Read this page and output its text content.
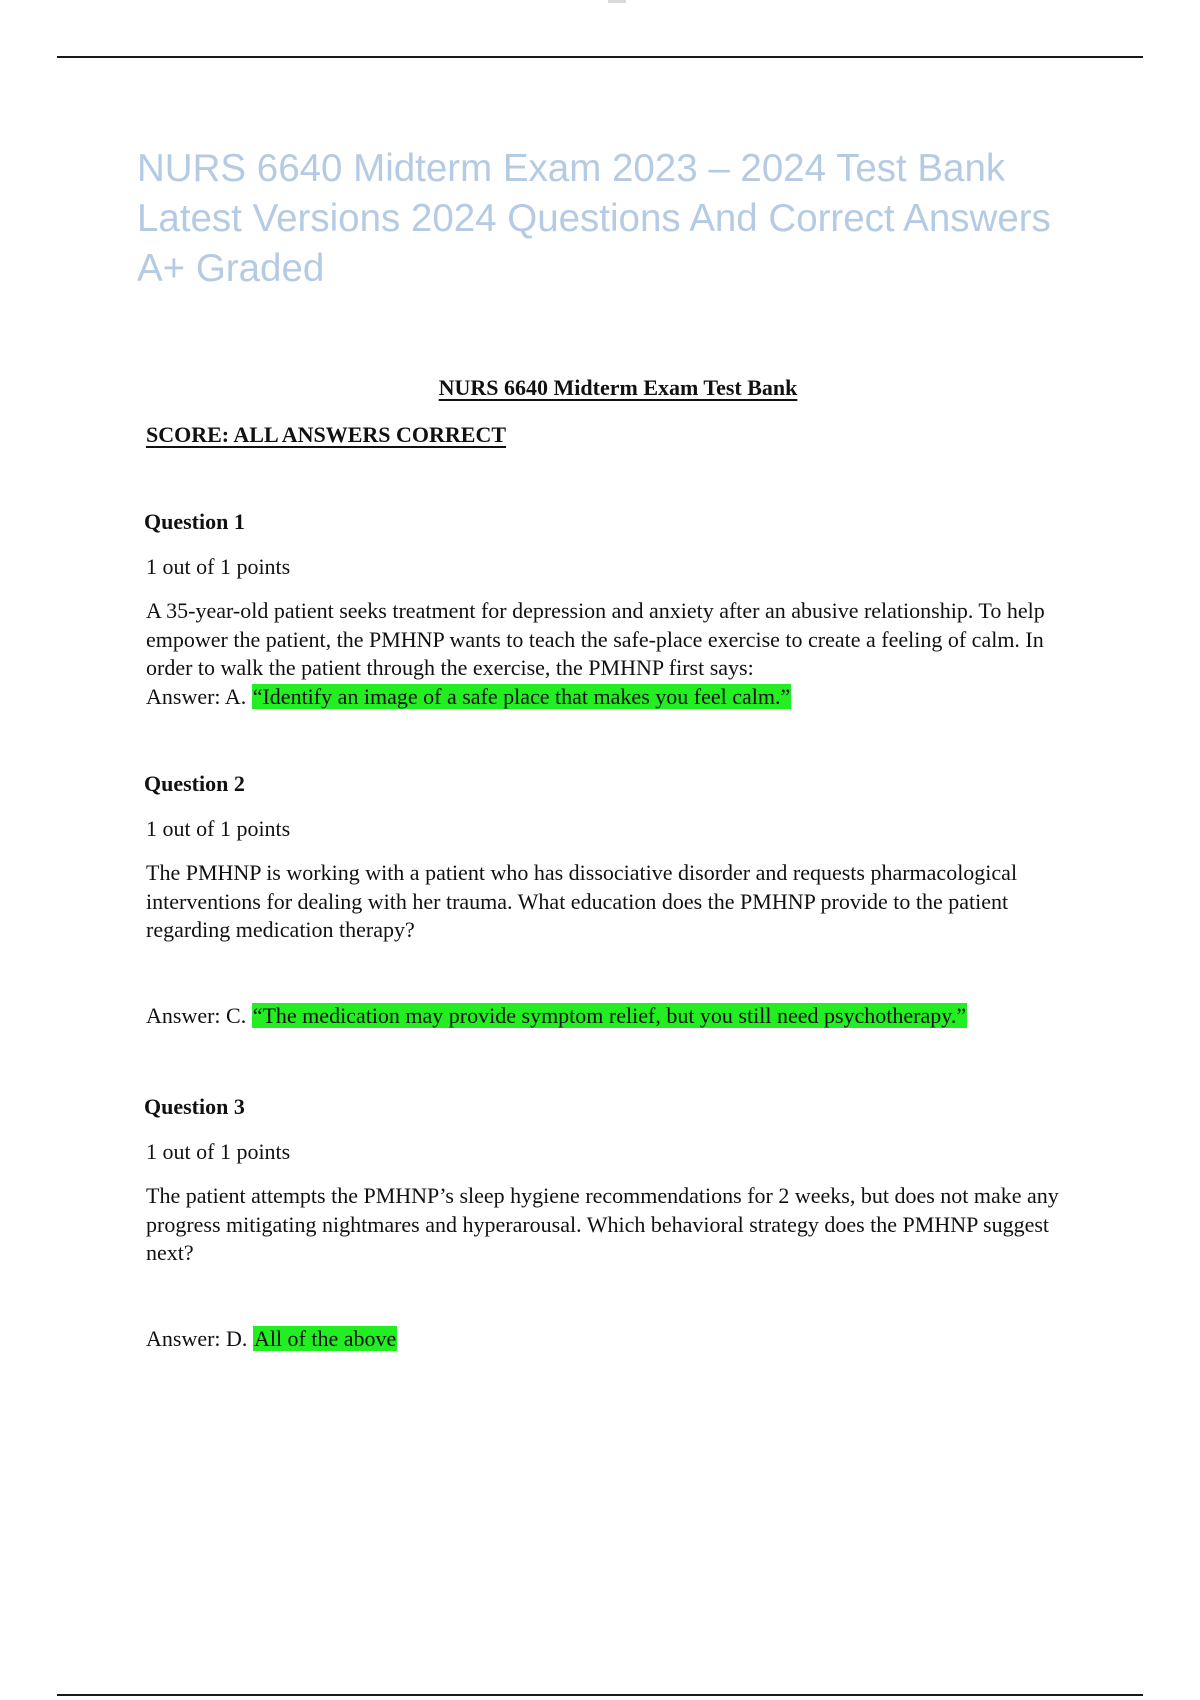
NURS 6640 Midterm Exam 2023 – 2024 Test Bank Latest Versions 2024 Questions And Correct Answers A+ Graded
NURS 6640 Midterm Exam Test Bank
SCORE: ALL ANSWERS CORRECT

Question 1

1 out of 1 points

A 35-year-old patient seeks treatment for depression and anxiety after an abusive relationship. To help empower the patient, the PMHNP wants to teach the safe-place exercise to create a feeling of calm. In order to walk the patient through the exercise, the PMHNP first says:

Answer: A. “Identify an image of a safe place that makes you feel calm.”

Question 2

1 out of 1 points

The PMHNP is working with a patient who has dissociative disorder and requests pharmacological interventions for dealing with her trauma. What education does the PMHNP provide to the patient regarding medication therapy?

Answer: C. “The medication may provide symptom relief, but you still need psychotherapy.”

Question 3

1 out of 1 points

The patient attempts the PMHNP’s sleep hygiene recommendations for 2 weeks, but does not make any progress mitigating nightmares and hyperarousal. Which behavioral strategy does the PMHNP suggest next?

Answer: D. All of the above
